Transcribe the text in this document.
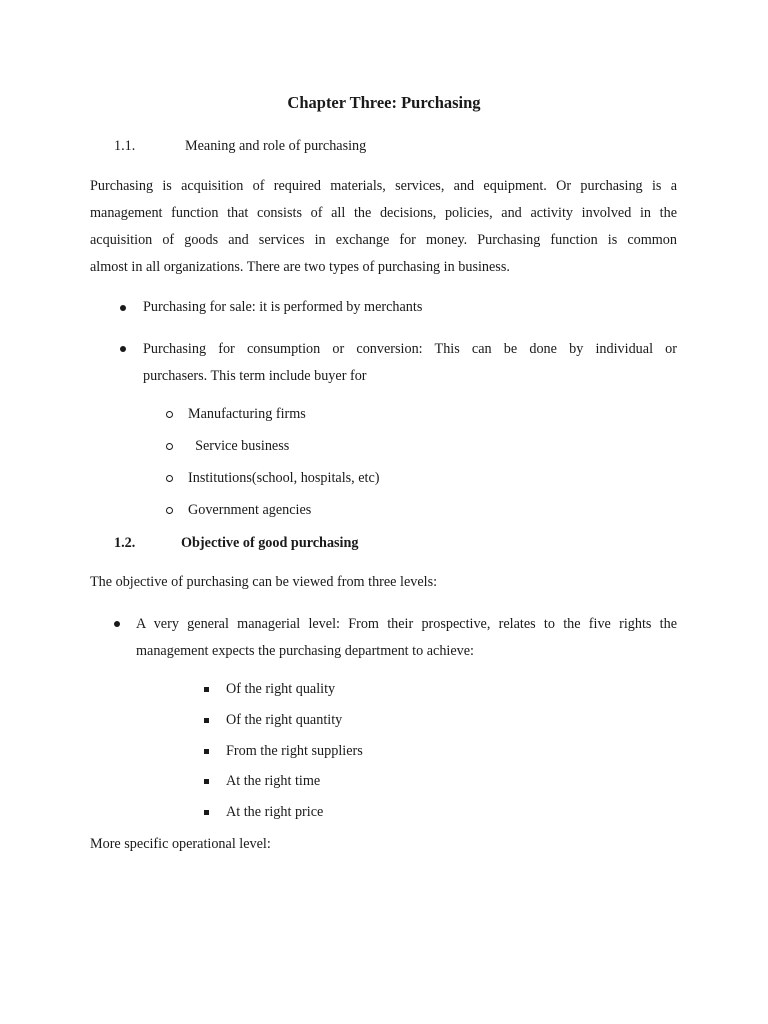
Chapter Three: Purchasing
1.1.	Meaning and role of purchasing
Purchasing is acquisition of required materials, services, and equipment. Or purchasing is a
management function that consists of all the decisions, policies, and activity involved in the
acquisition of goods and services in exchange for money. Purchasing function is common
almost in all organizations. There are two types of purchasing in business.
Purchasing for sale: it is performed by merchants
Purchasing for consumption or conversion: This can be done by individual or
purchasers. This term include buyer for
Manufacturing firms
Service business
Institutions(school, hospitals, etc)
Government agencies
1.2.	Objective of good purchasing
The objective of purchasing can be viewed from three levels:
A very general managerial level: From their prospective, relates to the five rights the
management expects the purchasing department to achieve:
Of the right quality
Of the right quantity
From the right suppliers
At the right time
At the right price
More specific operational level:
